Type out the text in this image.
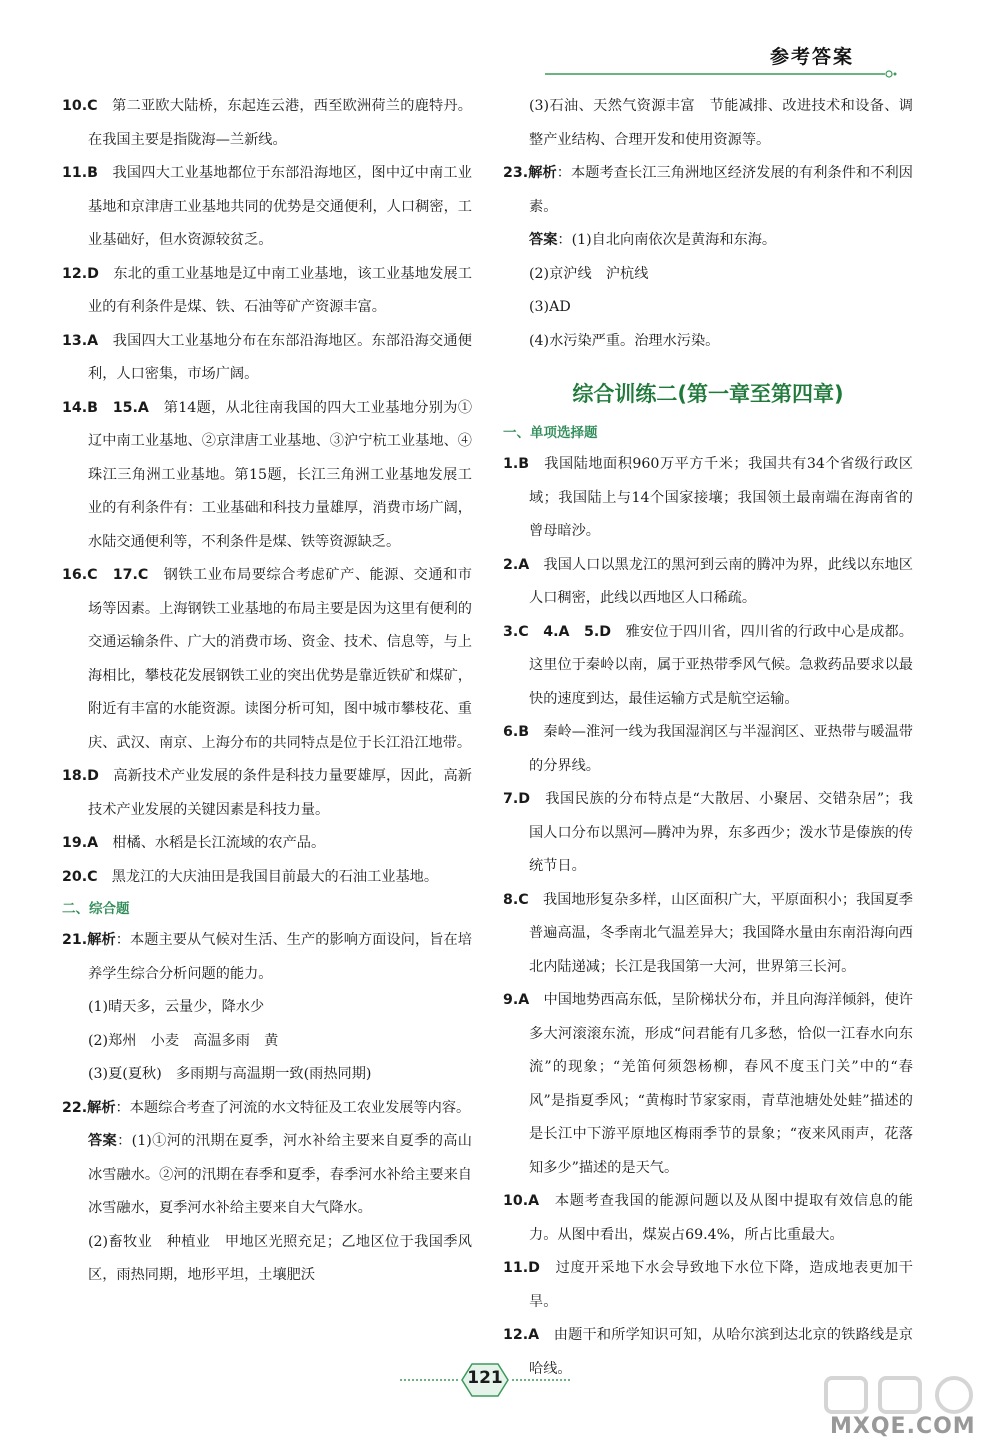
参考答案
10.C　第二亚欧大陆桥，东起连云港，西至欧洲荷兰的鹿特丹。在我国主要是指陇海—兰新线。
11.B　我国四大工业基地都位于东部沿海地区，图中辽中南工业基地和京津唐工业基地共同的优势是交通便利，人口稠密，工业基础好，但水资源较贫乏。
12.D　东北的重工业基地是辽中南工业基地，该工业基地发展工业的有利条件是煤、铁、石油等矿产资源丰富。
13.A　我国四大工业基地分布在东部沿海地区。东部沿海交通便利，人口密集，市场广阔。
14.B　15.A　第14题，从北往南我国的四大工业基地分别为①辽中南工业基地、②京津唐工业基地、③沪宁杭工业基地、④珠江三角洲工业基地。第15题，长江三角洲工业基地发展工业的有利条件有：工业基础和科技力量雄厚，消费市场广阔，水陆交通便利等，不利条件是煤、铁等资源缺乏。
16.C　17.C　钢铁工业布局要综合考虑矿产、能源、交通和市场等因素。上海钢铁工业基地的布局主要是因为这里有便利的交通运输条件、广大的消费市场、资金、技术、信息等，与上海相比，攀枝花发展钢铁工业的突出优势是靠近铁矿和煤矿，附近有丰富的水能资源。读图分析可知，图中城市攀枝花、重庆、武汉、南京、上海分布的共同特点是位于长江沿江地带。
18.D　高新技术产业发展的条件是科技力量要雄厚，因此，高新技术产业发展的关键因素是科技力量。
19.A　柑橘、水稻是长江流域的农产品。
20.C　黑龙江的大庆油田是我国目前最大的石油工业基地。
二、综合题
21.解析：本题主要从气候对生活、生产的影响方面设问，旨在培养学生综合分析问题的能力。
(1)晴天多，云量少，降水少
(2)郑州　小麦　高温多雨　黄
(3)夏(夏秋)　多雨期与高温期一致(雨热同期)
22.解析：本题综合考查了河流的水文特征及工农业发展等内容。
答案：(1)①河的汛期在夏季，河水补给主要来自夏季的高山冰雪融水。②河的汛期在春季和夏季，春季河水补给主要来自冰雪融水，夏季河水补给主要来自大气降水。
(2)畜牧业　种植业　甲地区光照充足；乙地区位于我国季风区，雨热同期，地形平坦，土壤肥沃
(3)石油、天然气资源丰富　节能减排、改进技术和设备、调整产业结构、合理开发和使用资源等。
23.解析：本题考查长江三角洲地区经济发展的有利条件和不利因素。
答案：(1)自北向南依次是黄海和东海。
(2)京沪线　沪杭线
(3)AD
(4)水污染严重。治理水污染。
综合训练二(第一章至第四章)
一、单项选择题
1.B　我国陆地面积960万平方千米；我国共有34个省级行政区域；我国陆上与14个国家接壤；我国领土最南端在海南省的曾母暗沙。
2.A　我国人口以黑龙江的黑河到云南的腾冲为界，此线以东地区人口稠密，此线以西地区人口稀疏。
3.C　4.A　5.D　雅安位于四川省，四川省的行政中心是成都。这里位于秦岭以南，属于亚热带季风气候。急救药品要求以最快的速度到达，最佳运输方式是航空运输。
6.B　秦岭—淮河一线为我国湿润区与半湿润区、亚热带与暖温带的分界线。
7.D　我国民族的分布特点是“大散居、小聚居、交错杂居”；我国人口分布以黑河—腾冲为界，东多西少；泼水节是傣族的传统节日。
8.C　我国地形复杂多样，山区面积广大，平原面积小；我国夏季普遍高温，冬季南北气温差异大；我国降水量由东南沿海向西北内陆递减；长江是我国第一大河，世界第三长河。
9.A　中国地势西高东低，呈阶梯状分布，并且向海洋倾斜，使许多大河滚滚东流，形成“问君能有几多愁，恰似一江春水向东流”的现象；“羌笛何须怨杨柳，春风不度玉门关”中的“春风”是指夏季风；“黄梅时节家家雨，青草池塘处处蛙”描述的是长江中下游平原地区梅雨季节的景象；“夜来风雨声，花落知多少”描述的是天气。
10.A　本题考查我国的能源问题以及从图中提取有效信息的能力。从图中看出，煤炭占69.4%，所占比重最大。
11.D　过度开采地下水会导致地下水位下降，造成地表更加干旱。
12.A　由题干和所学知识可知，从哈尔滨到达北京的铁路线是京哈线。
121
MXQE.COM
